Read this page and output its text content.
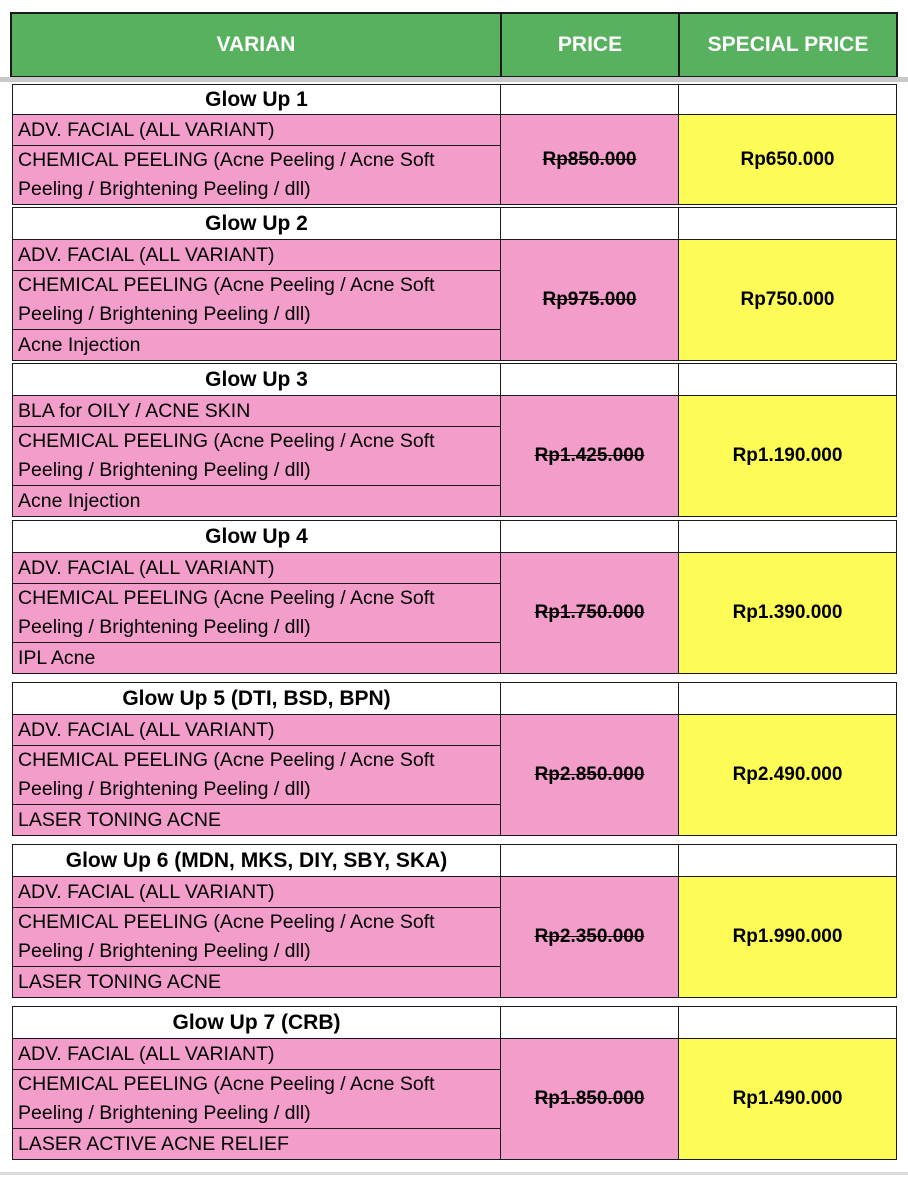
VARIAN	PRICE	SPECIAL PRICE
Glow Up 1
ADV. FACIAL (ALL VARIANT)
CHEMICAL PEELING (Acne Peeling / Acne Soft Peeling / Brightening Peeling / dll)
Rp850.000	Rp650.000
Glow Up 2
ADV. FACIAL (ALL VARIANT)
CHEMICAL PEELING (Acne Peeling / Acne Soft Peeling / Brightening Peeling / dll)
Acne Injection
Rp975.000	Rp750.000
Glow Up 3
BLA for OILY / ACNE SKIN
CHEMICAL PEELING (Acne Peeling / Acne Soft Peeling / Brightening Peeling / dll)
Acne Injection
Rp1.425.000	Rp1.190.000
Glow Up 4
ADV. FACIAL (ALL VARIANT)
CHEMICAL PEELING (Acne Peeling / Acne Soft Peeling / Brightening Peeling / dll)
IPL Acne
Rp1.750.000	Rp1.390.000
Glow Up 5 (DTI, BSD, BPN)
ADV. FACIAL (ALL VARIANT)
CHEMICAL PEELING (Acne Peeling / Acne Soft Peeling / Brightening Peeling / dll)
LASER TONING ACNE
Rp2.850.000	Rp2.490.000
Glow Up 6 (MDN, MKS, DIY, SBY, SKA)
ADV. FACIAL (ALL VARIANT)
CHEMICAL PEELING (Acne Peeling / Acne Soft Peeling / Brightening Peeling / dll)
LASER TONING ACNE
Rp2.350.000	Rp1.990.000
Glow Up 7 (CRB)
ADV. FACIAL (ALL VARIANT)
CHEMICAL PEELING (Acne Peeling / Acne Soft Peeling / Brightening Peeling / dll)
LASER ACTIVE ACNE RELIEF
Rp1.850.000	Rp1.490.000
